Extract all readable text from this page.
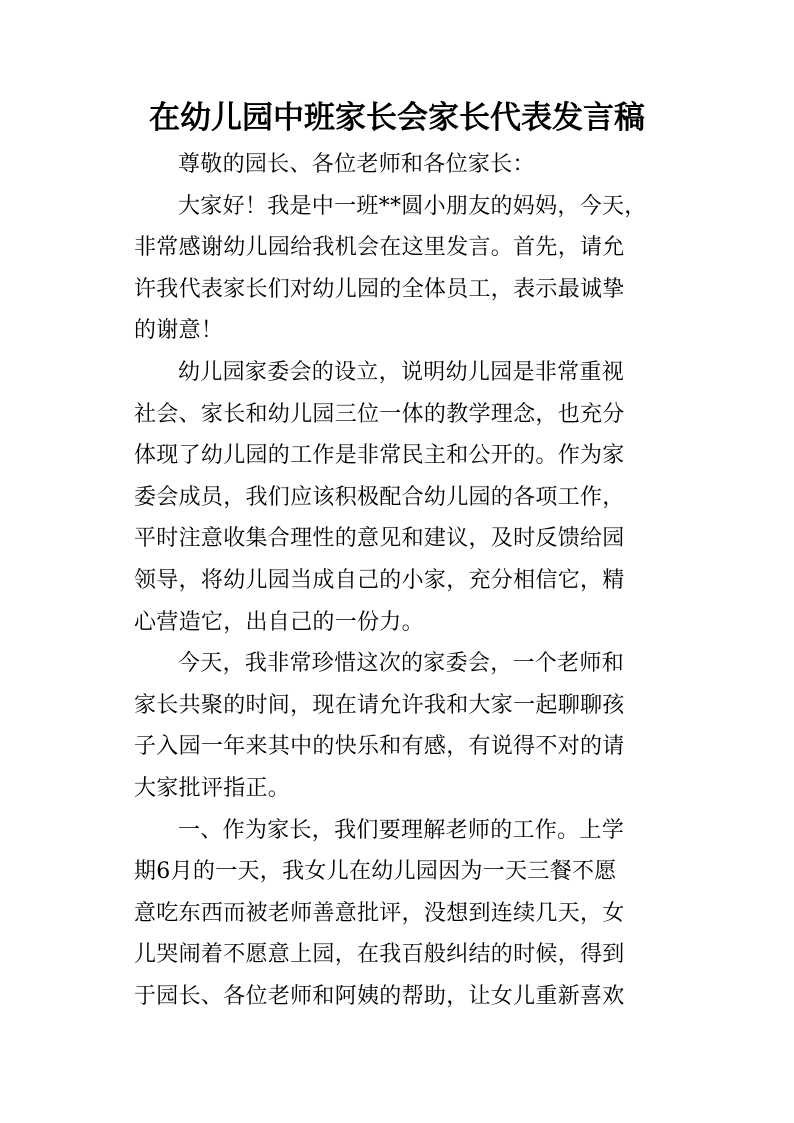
在幼儿园中班家长会家长代表发言稿

尊敬的园长、各位老师和各位家长：

大家好！我是中一班**圆小朋友的妈妈，今天，
非常感谢幼儿园给我机会在这里发言。首先，请允
许我代表家长们对幼儿园的全体员工，表示最诚挚
的谢意！

幼儿园家委会的设立，说明幼儿园是非常重视
社会、家长和幼儿园三位一体的教学理念，也充分
体现了幼儿园的工作是非常民主和公开的。作为家
委会成员，我们应该积极配合幼儿园的各项工作，
平时注意收集合理性的意见和建议，及时反馈给园
领导，将幼儿园当成自己的小家，充分相信它，精
心营造它，出自己的一份力。

今天，我非常珍惜这次的家委会，一个老师和
家长共聚的时间，现在请允许我和大家一起聊聊孩
子入园一年来其中的快乐和有感，有说得不对的请
大家批评指正。

一、作为家长，我们要理解老师的工作。上学
期6月的一天，我女儿在幼儿园因为一天三餐不愿
意吃东西而被老师善意批评，没想到连续几天，女
儿哭闹着不愿意上园，在我百般纠结的时候，得到
于园长、各位老师和阿姨的帮助，让女儿重新喜欢
